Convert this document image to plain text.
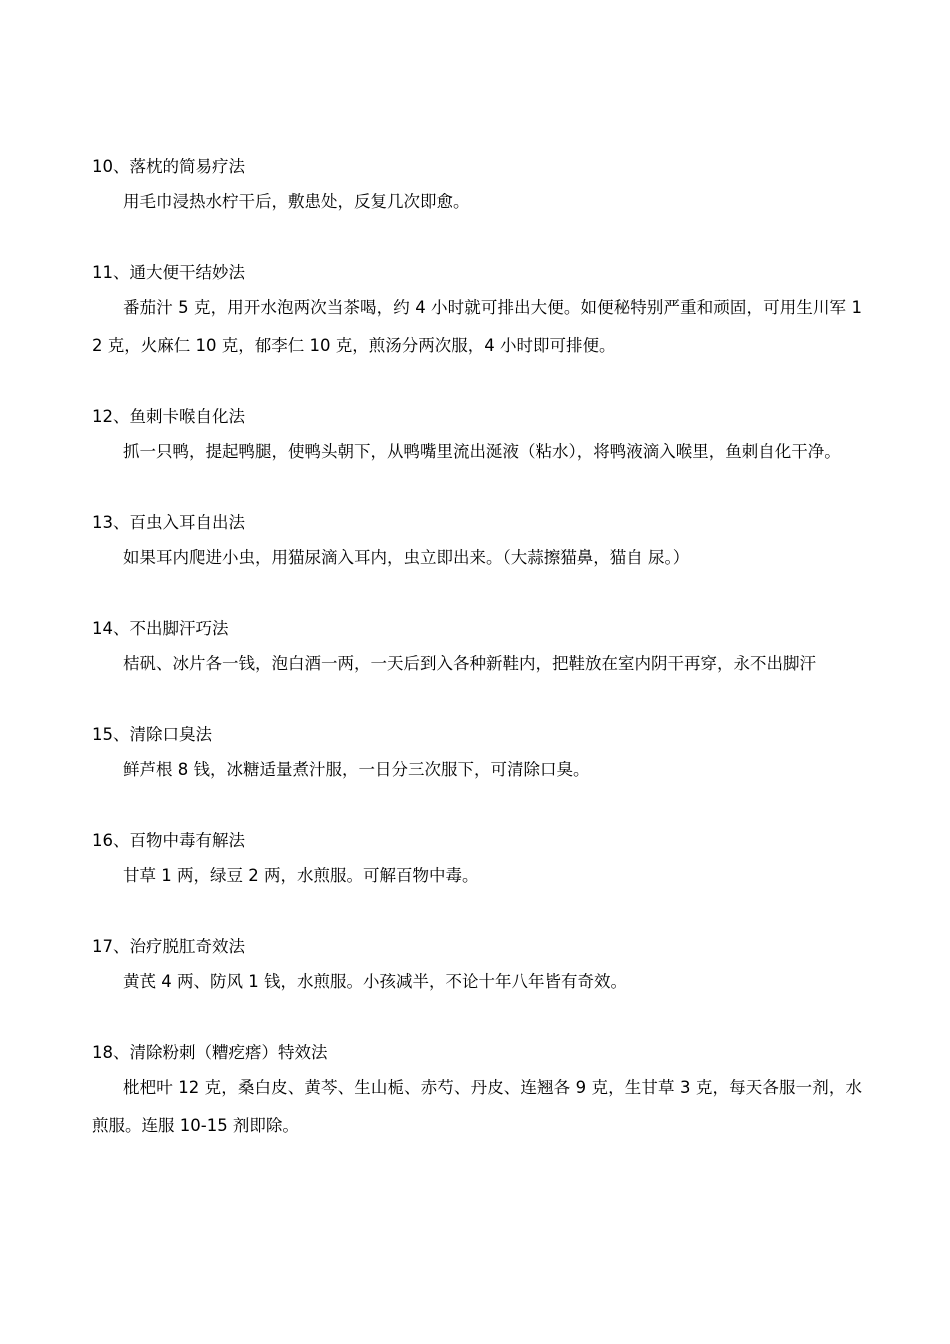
10、落枕的简易疗法

用毛巾浸热水柠干后，敷患处，反复几次即愈。

11、通大便干结妙法

番茄汁 5 克，用开水泡两次当茶喝，约 4 小时就可排出大便。如便秘特别严重和顽固，可用生川军 12 克，火麻仁 10 克，郁李仁 10 克，煎汤分两次服，4 小时即可排便。

12、鱼刺卡喉自化法

抓一只鸭，提起鸭腿，使鸭头朝下，从鸭嘴里流出涎液（粘水），将鸭液滴入喉里，鱼刺自化干净。

13、百虫入耳自出法

如果耳内爬进小虫，用猫尿滴入耳内，虫立即出来。（大蒜擦猫鼻，猫自 尿。）

14、不出脚汗巧法

桔矾、冰片各一钱，泡白酒一两，一天后到入各种新鞋内，把鞋放在室内阴干再穿，永不出脚汗

15、清除口臭法

鲜芦根 8 钱，冰糖适量煮汁服，一日分三次服下，可清除口臭。

16、百物中毒有解法

甘草 1 两，绿豆 2 两，水煎服。可解百物中毒。

17、治疗脱肛奇效法

黄芪 4 两、防风 1 钱，水煎服。小孩减半，不论十年八年皆有奇效。

18、清除粉刺（糟疙瘩）特效法

枇杷叶 12 克，桑白皮、黄芩、生山栀、赤芍、丹皮、连翘各 9 克，生甘草 3 克，每天各服一剂，水煎服。连服 10-15 剂即除。
